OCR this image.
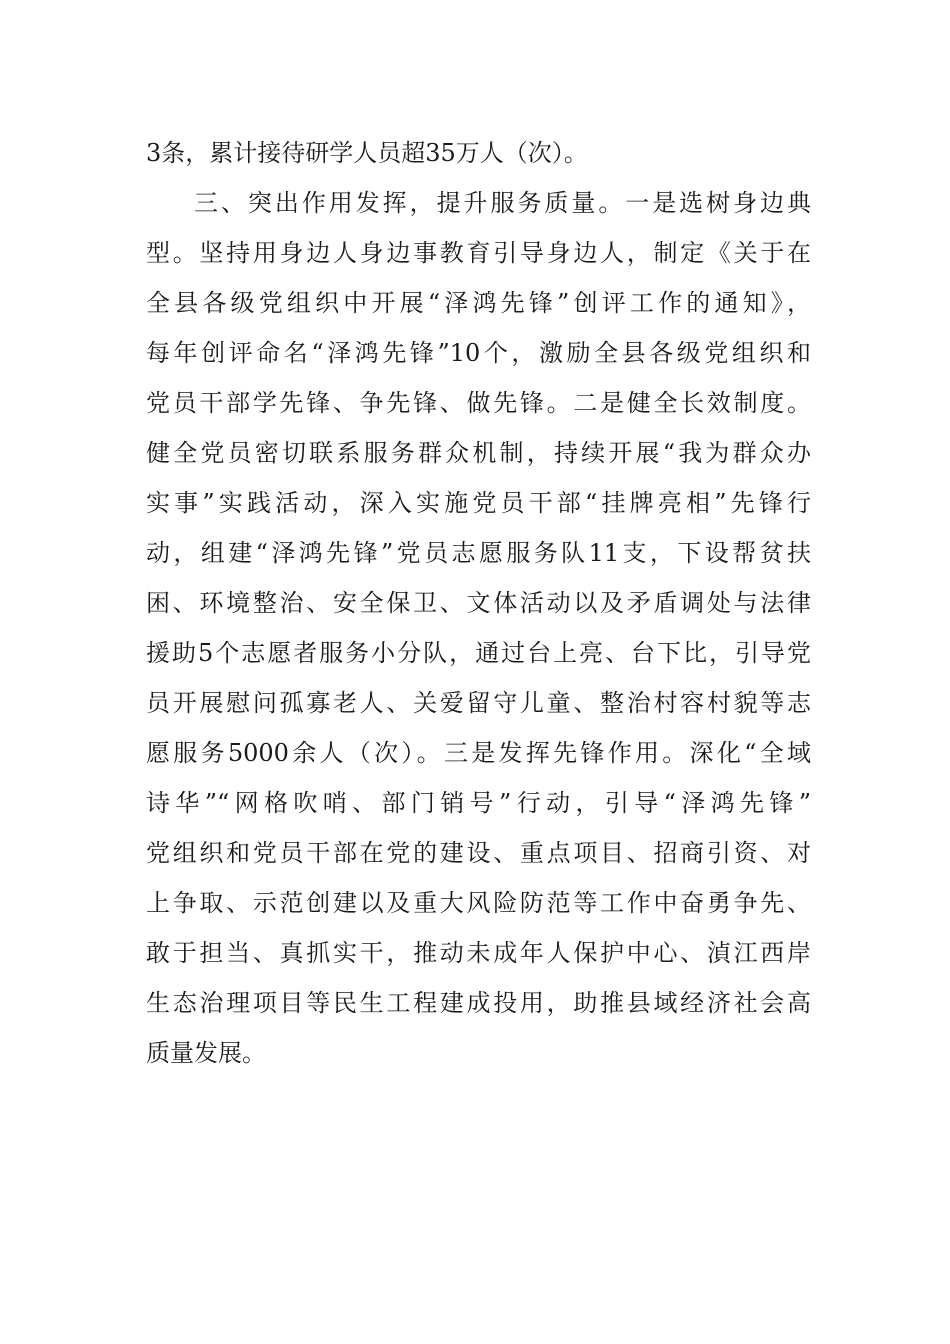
3条，累计接待研学人员超35万人（次）。
三、突出作用发挥，提升服务质量。一是选树身边典
型。坚持用身边人身边事教育引导身边人，制定《关于在
全县各级党组织中开展“泽鸿先锋”创评工作的通知》，
每年创评命名“泽鸿先锋”10个，激励全县各级党组织和
党员干部学先锋、争先锋、做先锋。二是健全长效制度。
健全党员密切联系服务群众机制，持续开展“我为群众办
实事”实践活动，深入实施党员干部“挂牌亮相”先锋行
动，组建“泽鸿先锋”党员志愿服务队11支，下设帮贫扶
困、环境整治、安全保卫、文体活动以及矛盾调处与法律
援助5个志愿者服务小分队，通过台上亮、台下比，引导党
员开展慰问孤寡老人、关爱留守儿童、整治村容村貌等志
愿服务5000余人（次）。三是发挥先锋作用。深化“全域
诗华”“网格吹哨、部门销号”行动，引导“泽鸿先锋”
党组织和党员干部在党的建设、重点项目、招商引资、对
上争取、示范创建以及重大风险防范等工作中奋勇争先、
敢于担当、真抓实干，推动未成年人保护中心、湞江西岸
生态治理项目等民生工程建成投用，助推县域经济社会高
质量发展。
